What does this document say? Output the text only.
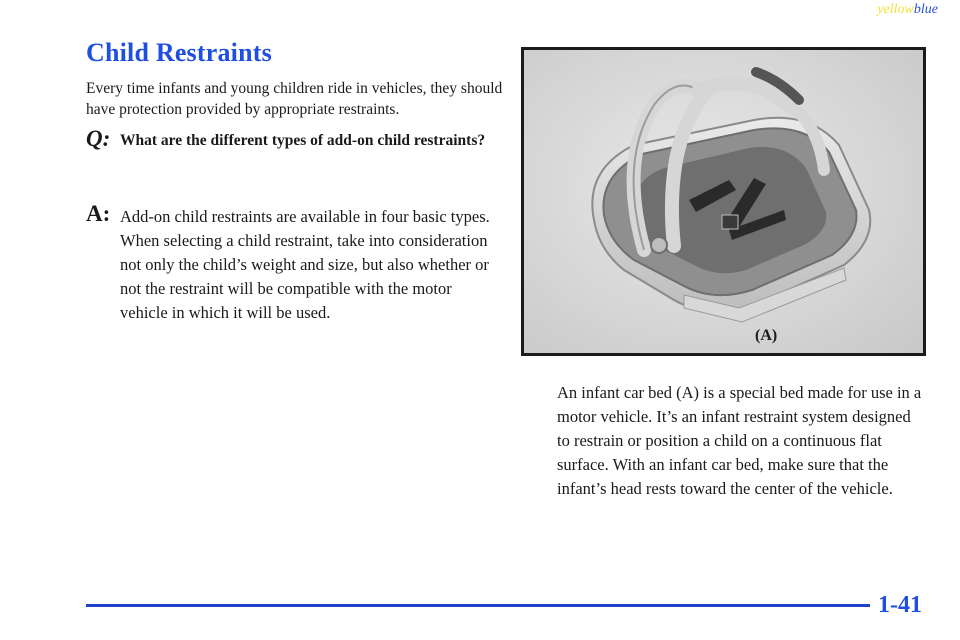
yellowblue
Child Restraints
Every time infants and young children ride in vehicles, they should have protection provided by appropriate restraints.
Q: What are the different types of add-on child restraints?
A: Add-on child restraints are available in four basic types. When selecting a child restraint, take into consideration not only the child’s weight and size, but also whether or not the restraint will be compatible with the motor vehicle in which it will be used.
(A)
An infant car bed (A) is a special bed made for use in a motor vehicle. It’s an infant restraint system designed to restrain or position a child on a continuous flat surface. With an infant car bed, make sure that the infant’s head rests toward the center of the vehicle.
1-41
